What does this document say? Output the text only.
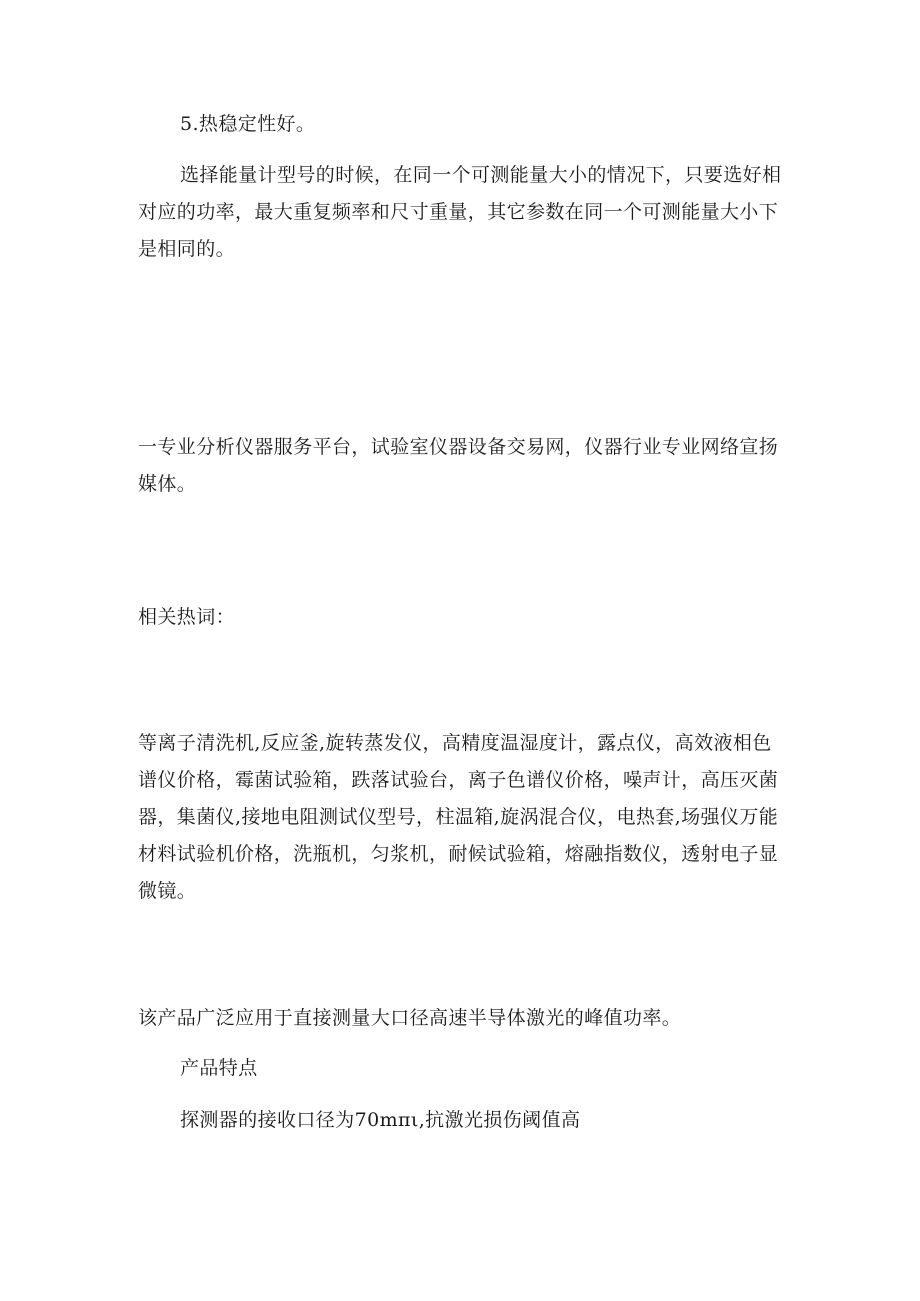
5.热稳定性好。

选择能量计型号的时候，在同一个可测能量大小的情况下，只要选好相对应的功率，最大重复频率和尺寸重量，其它参数在同一个可测能量大小下是相同的。

一专业分析仪器服务平台，试验室仪器设备交易网，仪器行业专业网络宣扬媒体。

相关热词：

等离子清洗机,反应釜,旋转蒸发仪，高精度温湿度计，露点仪，高效液相色谱仪价格，霉菌试验箱，跌落试验台，离子色谱仪价格，噪声计，高压灭菌器，集菌仪,接地电阻测试仪型号，柱温箱,旋涡混合仪，电热套,场强仪万能材料试验机价格，洗瓶机，匀浆机，耐候试验箱，熔融指数仪，透射电子显微镜。

该产品广泛应用于直接测量大口径高速半导体激光的峰值功率。

产品特点

探测器的接收口径为70mπι,抗激光损伤阈值高
